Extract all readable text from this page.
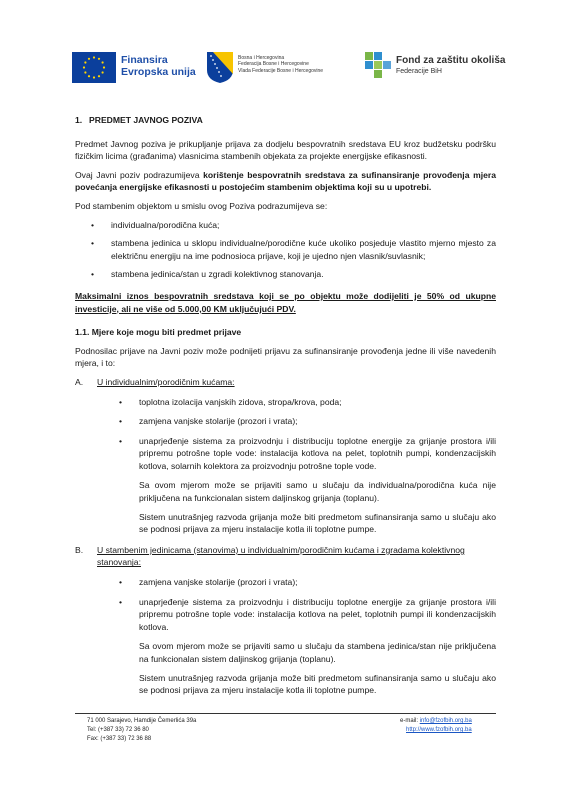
Finansira
Evropska unija
Bosna i Hercegovina
Federacija Bosne i Hercegovine
Vlada Federacije Bosne i Hercegovine
Fond za zaštitu okoliša
Federacije BiH
1. PREDMET JAVNOG POZIVA

Predmet Javnog poziva je prikupljanje prijava za dodjelu bespovratnih sredstava EU kroz budžetsku podršku fizičkim licima (građanima) vlasnicima stambenih objekata za projekte energijske efikasnosti.

Ovaj Javni poziv podrazumijeva korištenje bespovratnih sredstava za sufinansiranje provođenja mjera povećanja energijske efikasnosti u postojećim stambenim objektima koji su u upotrebi.

Pod stambenim objektom u smislu ovog Poziva podrazumijeva se:

• individualna/porodična kuća;
• stambena jedinica u sklopu individualne/porodične kuće ukoliko posjeduje vlastito mjerno mjesto za električnu energiju na ime podnosioca prijave, koji je ujedno njen vlasnik/suvlasnik;
• stambena jedinica/stan u zgradi kolektivnog stanovanja.

Maksimalni iznos bespovratnih sredstava koji se po objektu može dodijeliti je 50% od ukupne investicije, ali ne više od 5.000,00 KM uključujući PDV.

1.1. Mjere koje mogu biti predmet prijave

Podnosilac prijave na Javni poziv može podnijeti prijavu za sufinansiranje provođenja jedne ili više navedenih mjera, i to:

A. U individualnim/porodičnim kućama:
• toplotna izolacija vanjskih zidova, stropa/krova, poda;
• zamjena vanjske stolarije (prozori i vrata);
• unaprjeđenje sistema za proizvodnju i distribuciju toplotne energije za grijanje prostora i/ili pripremu potrošne tople vode: instalacija kotlova na pelet, toplotnih pumpi, kondenzacijskih kotlova, solarnih kolektora za proizvodnju potrošne tople vode.

Sa ovom mjerom može se prijaviti samo u slučaju da individualna/porodična kuća nije priključena na funkcionalan sistem daljinskog grijanja (toplanu).

Sistem unutrašnjeg razvoda grijanja može biti predmetom sufinansiranja samo u slučaju ako se podnosi prijava za mjeru instalacije kotla ili toplotne pumpe.

B. U stambenim jedinicama (stanovima) u individualnim/porodičnim kućama i zgradama kolektivnog stanovanja:
• zamjena vanjske stolarije (prozori i vrata);
• unaprjeđenje sistema za proizvodnju i distribuciju toplotne energije za grijanje prostora i/ili pripremu potrošne tople vode: instalacija kotlova na pelet, toplotnih pumpi ili kondenzacijskih kotlova.

Sa ovom mjerom može se prijaviti samo u slučaju da stambena jedinica/stan nije priključena na funkcionalan sistem daljinskog grijanja (toplanu).

Sistem unutrašnjeg razvoda grijanja može biti predmetom sufinansiranja samo u slučaju ako se podnosi prijava za mjeru instalacije kotla ili toplotne pumpe.

71 000 Sarajevo, Hamdije Čemerlića 39a
Tel: (+387 33) 72 36 80
Fax: (+387 33) 72 36 88
e-mail: info@fzofbih.org.ba
http://www.fzofbih.org.ba
